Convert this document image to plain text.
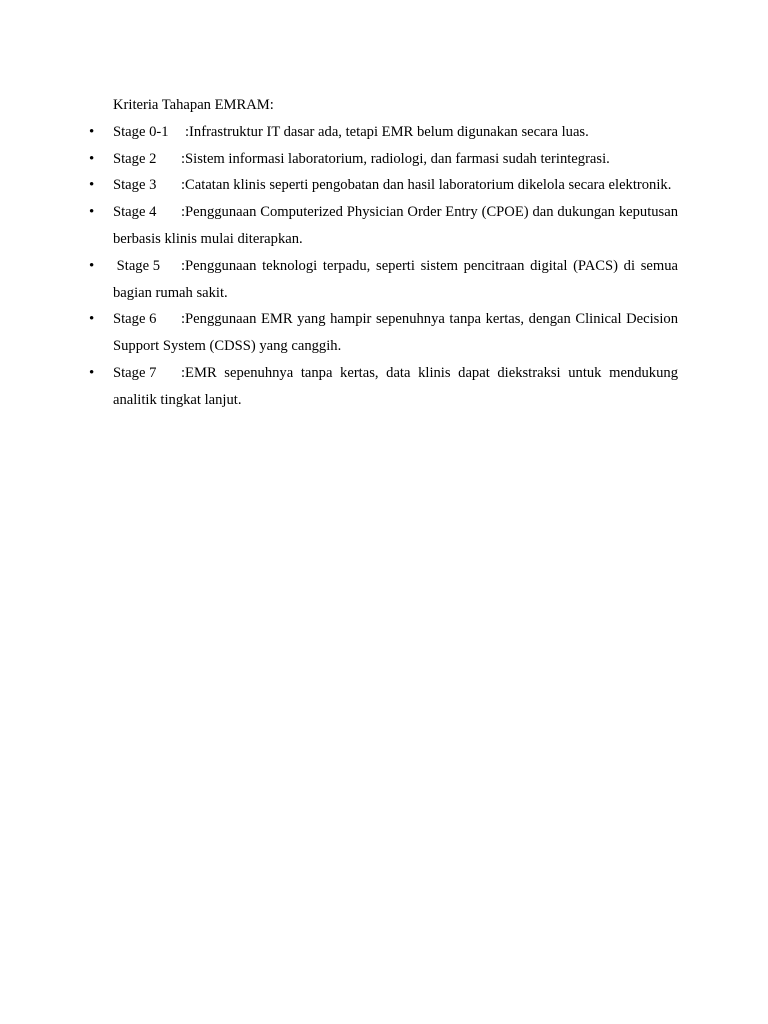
Kriteria Tahapan EMRAM:

• Stage 0-1 :Infrastruktur IT dasar ada, tetapi EMR belum digunakan secara luas.
• Stage 2 :Sistem informasi laboratorium, radiologi, dan farmasi sudah terintegrasi.
• Stage 3 :Catatan klinis seperti pengobatan dan hasil laboratorium dikelola secara elektronik.
• Stage 4 :Penggunaan Computerized Physician Order Entry (CPOE) dan dukungan keputusan berbasis klinis mulai diterapkan.
• Stage 5 :Penggunaan teknologi terpadu, seperti sistem pencitraan digital (PACS) di semua bagian rumah sakit.
• Stage 6 :Penggunaan EMR yang hampir sepenuhnya tanpa kertas, dengan Clinical Decision Support System (CDSS) yang canggih.
• Stage 7 :EMR sepenuhnya tanpa kertas, data klinis dapat diekstraksi untuk mendukung analitik tingkat lanjut.
